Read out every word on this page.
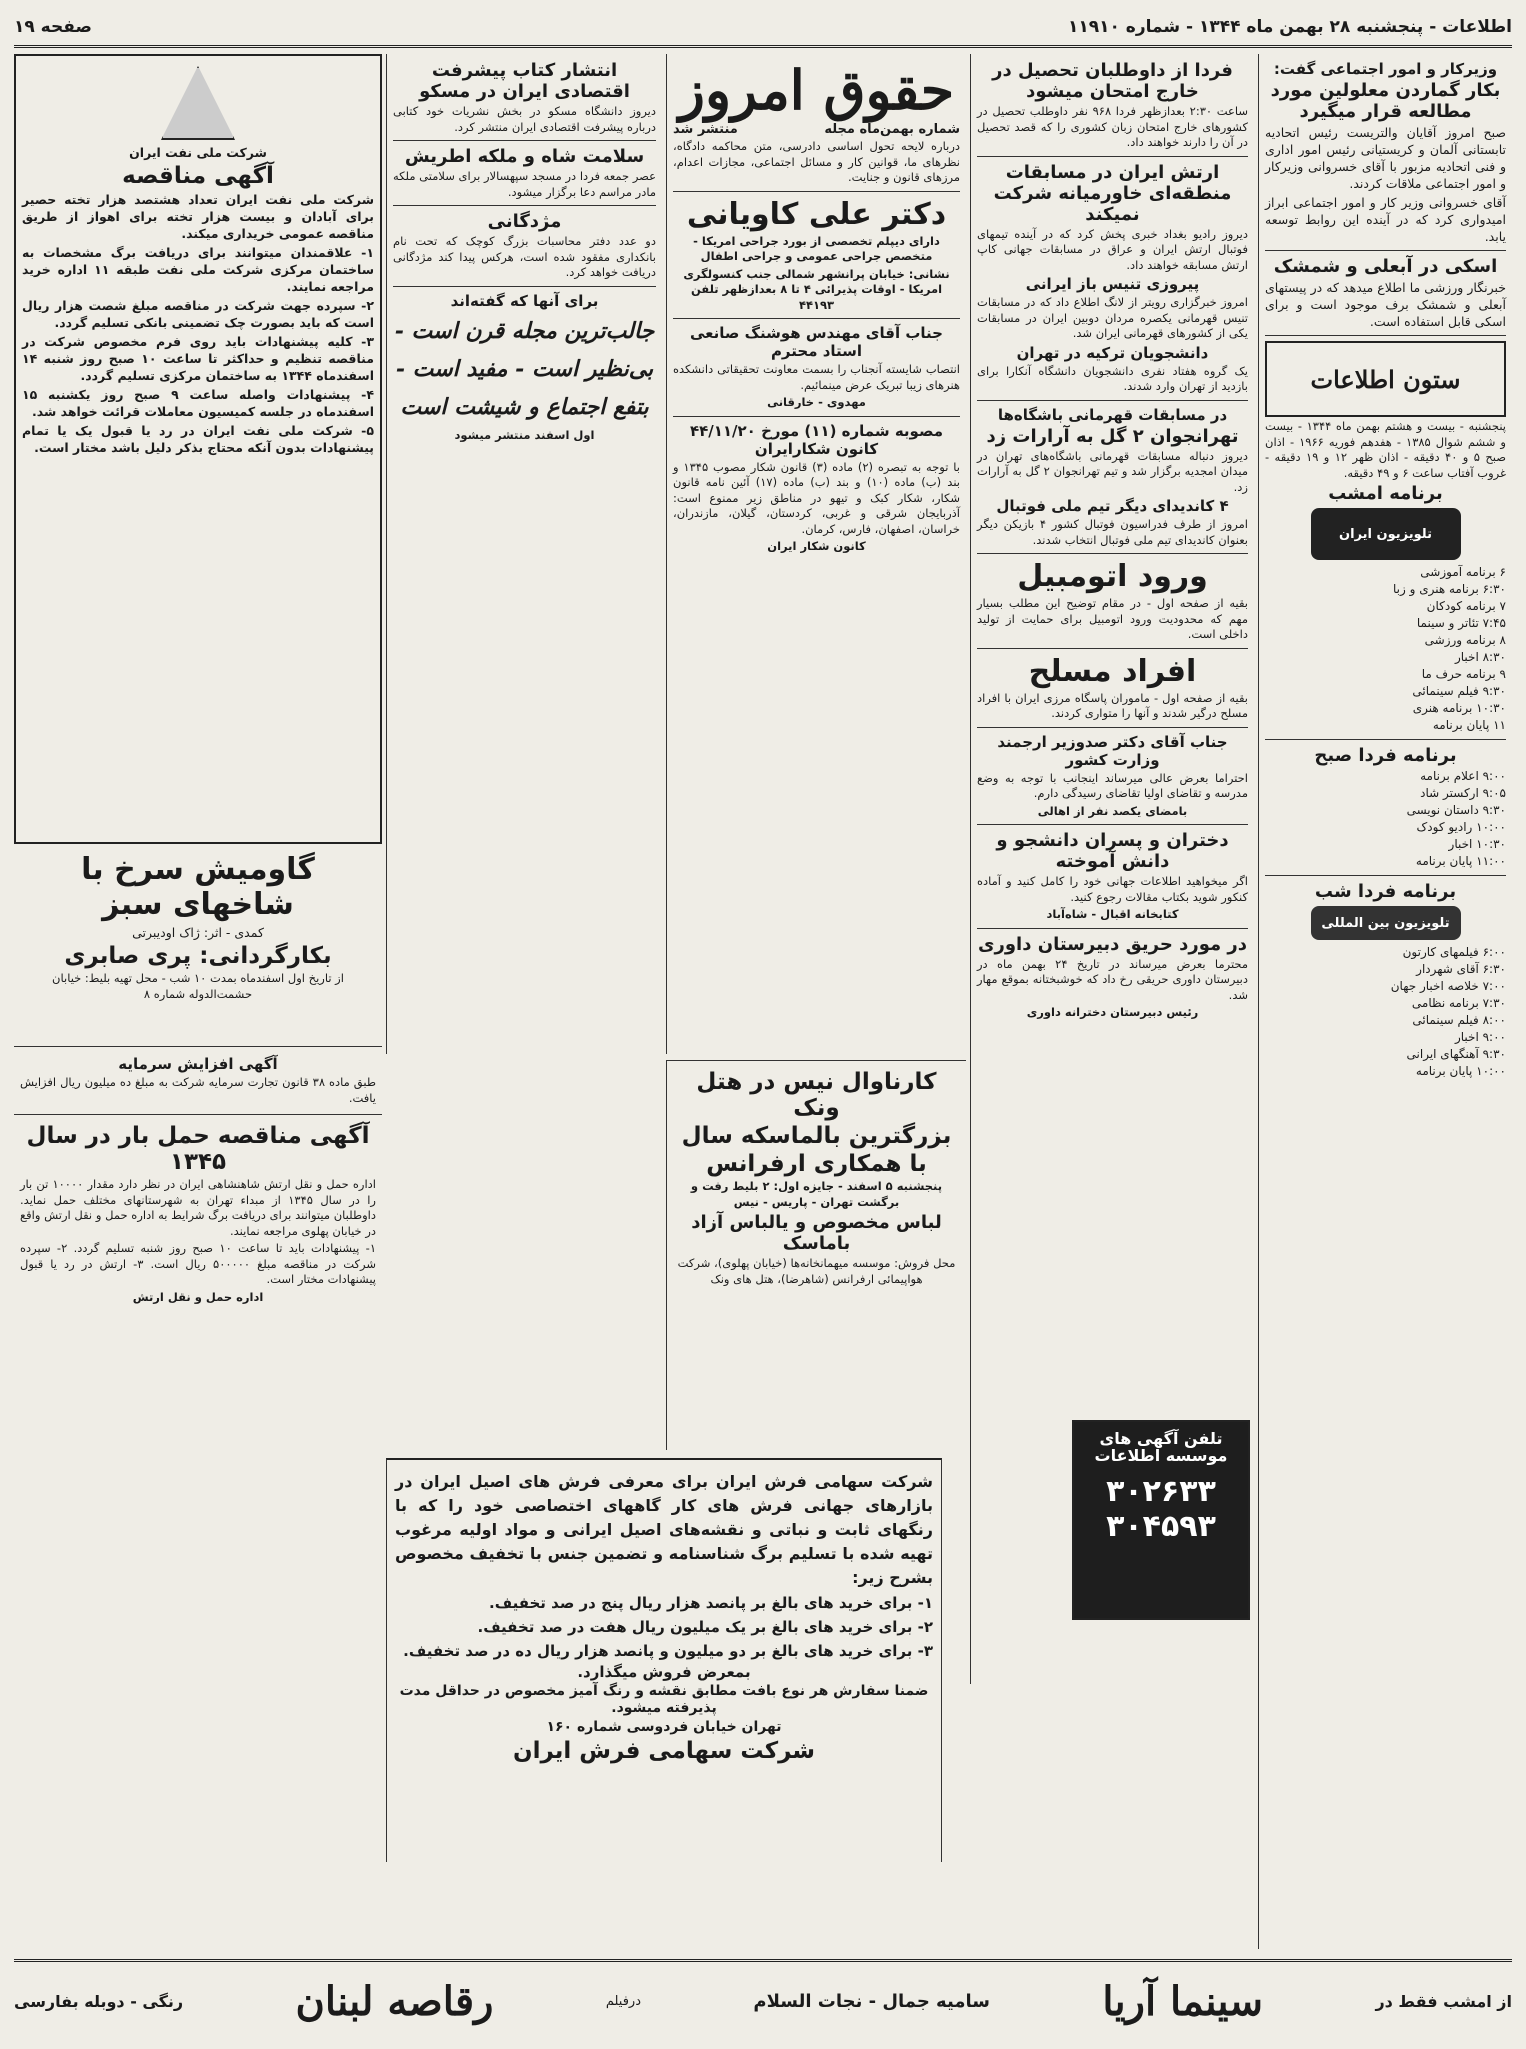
اطلاعات - پنجشنبه ۲۸ بهمن ماه ۱۳۴۴ - شماره ۱۱۹۱۰
صفحه ۱۹
وزیرکار و امور اجتماعی گفت:
بکار گماردن معلولین مورد مطالعه قرار میگیرد

صبح امروز آقایان والتریست رئیس اتحادیه تابستانی آلمان و کریستیانی رئیس امور اداری و فنی اتحادیه مزبور با آقای خسروانی وزیرکار و امور اجتماعی ملاقات کردند.

آقای خسروانی وزیر کار و امور اجتماعی ابراز امیدواری کرد که در آینده این روابط توسعه یابد.

اسکی در آبعلی و شمشک

خبرنگار ورزشی ما اطلاع میدهد که در پیستهای آبعلی و شمشک برف موجود است و برای اسکی قابل استفاده است.

ستون اطلاعات

پنجشنبه - بیست و هشتم بهمن ماه ۱۳۴۴ - بیست و ششم شوال ۱۳۸۵ - هفدهم فوریه ۱۹۶۶ - اذان صبح ۵ و ۴۰ دقیقه - اذان ظهر ۱۲ و ۱۹ دقیقه - غروب آفتاب ساعت ۶ و ۴۹ دقیقه.

برنامه امشب
تلویزیون ایران
۶ برنامه آموزشی
۶:۳۰ برنامه هنری و زبا
۷ برنامه کودکان
۷:۴۵ تئاتر و سینما
۸ برنامه ورزشی
۸:۳۰ اخبار
۹ برنامه حرف ما
۹:۳۰ فیلم سینمائی
۱۰:۳۰ برنامه هنری
۱۱ پایان برنامه
برنامه فردا صبح
۹:۰۰ اعلام برنامه
۹:۰۵ ارکستر شاد
۹:۳۰ داستان نویسی
۱۰:۰۰ رادیو کودک
۱۰:۳۰ اخبار
۱۱:۰۰ پایان برنامه
برنامه فردا شب
تلویزیون بین المللی
۶:۰۰ فیلمهای کارتون
۶:۳۰ آقای شهردار
۷:۰۰ خلاصه اخبار جهان
۷:۳۰ برنامه نظامی
۸:۰۰ فیلم سینمائی
۹:۰۰ اخبار
۹:۳۰ آهنگهای ایرانی
۱۰:۰۰ پایان برنامه
فردا از داوطلبان تحصیل در خارج امتحان میشود

ساعت ۲:۳۰ بعدازظهر فردا ۹۶۸ نفر داوطلب تحصیل در کشورهای خارج امتحان زبان کشوری را که قصد تحصیل در آن را دارند خواهند داد.

ارتش ایران در مسابقات منطقه‌ای خاورمیانه شرکت نمیکند

دیروز رادیو بغداد خبری پخش کرد که در آینده تیمهای فوتبال ارتش ایران و عراق در مسابقات جهانی کاپ ارتش مسابقه خواهند داد.

پیروزی تنیس باز ایرانی

امروز خبرگزاری رویتر از لانگ اطلاع داد که در مسابقات تنیس قهرمانی یکصره مردان دوبین ایران در مسابقات یکی از کشورهای قهرمانی ایران شد.

دانشجویان ترکیه در تهران

یک گروه هفتاد نفری دانشجویان دانشگاه آنکارا برای بازدید از تهران وارد شدند.

در مسابقات قهرمانی باشگاه‌ها
تهرانجوان ۲ گل به آرارات زد

دیروز دنباله مسابقات قهرمانی باشگاه‌های تهران در میدان امجدیه برگزار شد و تیم تهرانجوان ۲ گل به آرارات زد.

۴ کاندیدای دیگر تیم ملی فوتبال

امروز از طرف فدراسیون فوتبال کشور ۴ بازیکن دیگر بعنوان کاندیدای تیم ملی فوتبال انتخاب شدند.

ورود اتومبیل

بقیه از صفحه اول - در مقام توضیح این مطلب بسیار مهم که محدودیت ورود اتومبیل برای حمایت از تولید داخلی است.

افراد مسلح

بقیه از صفحه اول - ماموران پاسگاه مرزی ایران با افراد مسلح درگیر شدند و آنها را متواری کردند.

جناب آقای دکتر صدوزیر ارجمند وزارت کشور

احتراما بعرض عالی میرساند اینجانب با توجه به وضع مدرسه و تقاضای اولیا تقاضای رسیدگی دارم.

بامضای یکصد نفر از اهالی

دختران و پسران دانشجو و دانش آموخته

اگر میخواهید اطلاعات جهانی خود را کامل کنید و آماده کنکور شوید بکتاب مقالات رجوع کنید.

کتابخانه اقبال - شاه‌آباد

در مورد حریق دبیرستان داوری

محترما بعرض میرساند در تاریخ ۲۴ بهمن ماه در دبیرستان داوری حریقی رخ داد که خوشبختانه بموقع مهار شد.

رئیس دبیرستان دخترانه داوری

حقوق امروز
شماره بهمن‌ماه مجله
منتشر شد

درباره لایحه تحول اساسی دادرسی، متن محاکمه دادگاه، نظرهای ما، قوانین کار و مسائل اجتماعی، مجازات اعدام، مرزهای قانون و جنایت.

دکتر علی کاویانی

دارای دیپلم تخصصی از بورد جراحی امریکا - متخصص جراحی عمومی و جراحی اطفال

نشانی: خیابان پرانشهر شمالی جنب کنسولگری امریکا - اوقات پذیرائی ۴ تا ۸ بعدازظهر تلفن ۴۴۱۹۳

جناب آقای مهندس هوشنگ صانعی استاد محترم

انتصاب شایسته آنجناب را بسمت معاونت تحقیقاتی دانشکده هنرهای زیبا تبریک عرض مینمائیم.

مهدوی - خارقانی

مصوبه شماره (۱۱) مورخ ۴۴/۱۱/۲۰ کانون شکارایران

با توجه به تبصره (۲) ماده (۳) قانون شکار مصوب ۱۳۴۵ و بند (ب) ماده (۱۰) و بند (ب) ماده (۱۷) آئین نامه قانون شکار، شکار کبک و تیهو در مناطق زیر ممنوع است: آذربایجان شرقی و غربی، کردستان، گیلان، مازندران، خراسان، اصفهان، فارس، کرمان.

کانون شکار ایران

کارناوال نیس در هتل ونک
بزرگترین بالماسکه سال
با همکاری ارفرانس

پنجشنبه ۵ اسفند - جایزه اول: ۲ بلیط رفت و برگشت تهران - پاریس - نیس

لباس مخصوص و یالباس آزاد باماسک

محل فروش: موسسه میهمانخانه‌ها (خیابان پهلوی)، شرکت هواپیمائی ارفرانس (شاهرضا)، هتل های ونک

شرکت ملی نفت ایران

آگهی مناقصه

شرکت ملی نفت ایران تعداد هشتصد هزار تخته حصیر برای آبادان و بیست هزار تخته برای اهواز از طریق مناقصه عمومی خریداری میکند.

۱- علاقمندان میتوانند برای دریافت برگ مشخصات به ساختمان مرکزی شرکت ملی نفت طبقه ۱۱ اداره خرید مراجعه نمایند.

۲- سپرده جهت شرکت در مناقصه مبلغ شصت هزار ریال است که باید بصورت چک تضمینی بانکی تسلیم گردد.

۳- کلیه پیشنهادات باید روی فرم مخصوص شرکت در مناقصه تنظیم و حداکثر تا ساعت ۱۰ صبح روز شنبه ۱۴ اسفندماه ۱۳۴۴ به ساختمان مرکزی تسلیم گردد.

۴- پیشنهادات واصله ساعت ۹ صبح روز یکشنبه ۱۵ اسفندماه در جلسه کمیسیون معاملات قرائت خواهد شد.

۵- شرکت ملی نفت ایران در رد یا قبول یک یا تمام پیشنهادات بدون آنکه محتاج بذکر دلیل باشد مختار است.

گاومیش سرخ با شاخهای سبز

کمدی - اثر: ژاک اودیبرتی

بکارگردانی: پری صابری

از تاریخ اول اسفندماه بمدت ۱۰ شب - محل تهیه بلیط: خیابان حشمت‌الدوله شماره ۸

آگهی افزایش سرمایه

طبق ماده ۳۸ قانون تجارت سرمایه شرکت به مبلغ ده میلیون ریال افزایش یافت.

آگهی مناقصه حمل بار در سال ۱۳۴۵

اداره حمل و نقل ارتش شاهنشاهی ایران در نظر دارد مقدار ۱۰۰۰۰ تن بار را در سال ۱۳۴۵ از مبداء تهران به شهرستانهای مختلف حمل نماید. داوطلبان میتوانند برای دریافت برگ شرایط به اداره حمل و نقل ارتش واقع در خیابان پهلوی مراجعه نمایند.

۱- پیشنهادات باید تا ساعت ۱۰ صبح روز شنبه تسلیم گردد. ۲- سپرده شرکت در مناقصه مبلغ ۵۰۰۰۰۰ ریال است. ۳- ارتش در رد یا قبول پیشنهادات مختار است.

اداره حمل و نقل ارتش

انتشار کتاب پیشرفت اقتصادی ایران در مسکو

دیروز دانشگاه مسکو در بخش نشریات خود کتابی درباره پیشرفت اقتصادی ایران منتشر کرد.

سلامت شاه و ملکه اطریش

عصر جمعه فردا در مسجد سپهسالار برای سلامتی ملکه مادر مراسم دعا برگزار میشود.

مژدگانی

دو عدد دفتر محاسبات بزرگ کوچک که تحت نام بانکداری مفقود شده است، هرکس پیدا کند مژدگانی دریافت خواهد کرد.

برای آنها که گفته‌اند
جالب‌ترین مجله قرن است - بی‌نظیر است - مفید است - بتفع اجتماع و شیشت است

اول اسفند منتشر میشود

تلفن آگهی های موسسه اطلاعات

۳۰۲۶۳۳
۳۰۴۵۹۳

شرکت سهامی فرش ایران برای معرفی فرش های اصیل ایران در بازارهای جهانی فرش های کار گاههای اختصاصی خود را که با رنگهای ثابت و نباتی و نقشه‌های اصیل ایرانی و مواد اولیه مرغوب تهیه شده با تسلیم برگ شناسنامه و تضمین جنس با تخفیف مخصوص بشرح زیر:

۱- برای خرید های بالغ بر پانصد هزار ریال پنج در صد تخفیف.

۲- برای خرید های بالغ بر یک میلیون ریال هفت در صد تخفیف.

۳- برای خرید های بالغ بر دو میلیون و پانصد هزار ریال ده در صد تخفیف.

بمعرض فروش میگذارد.

ضمنا سفارش هر نوع بافت مطابق نقشه و رنگ آمیز مخصوص در حداقل مدت پذیرفته میشود.

تهران خیابان فردوسی شماره ۱۶۰

شرکت سهامی فرش ایران
از امشب فقط در
سینما آریا
سامیه جمال - نجات السلام
درفیلم
رقاصه لبنان
رنگی - دوبله بفارسی
